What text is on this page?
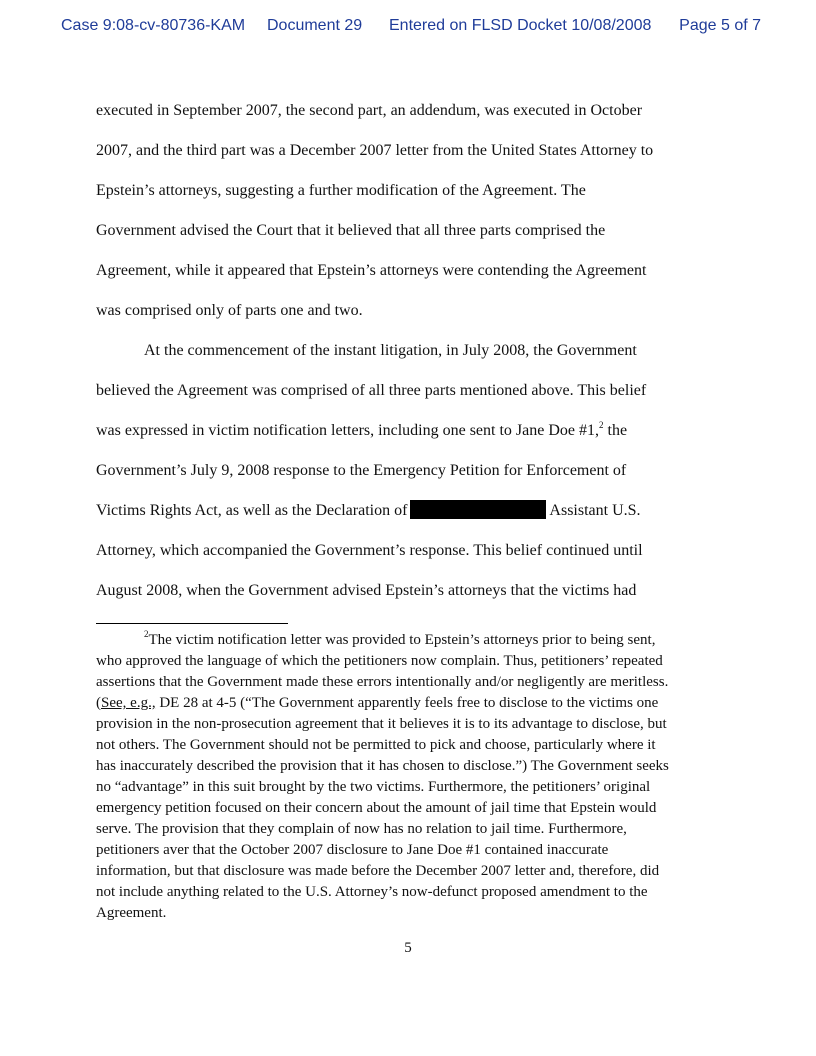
Case 9:08-cv-80736-KAM Document 29 Entered on FLSD Docket 10/08/2008 Page 5 of 7
executed in September 2007, the second part, an addendum, was executed in October
2007, and the third part was a December 2007 letter from the United States Attorney to
Epstein’s attorneys, suggesting a further modification of the Agreement. The
Government advised the Court that it believed that all three parts comprised the
Agreement, while it appeared that Epstein’s attorneys were contending the Agreement
was comprised only of parts one and two.
At the commencement of the instant litigation, in July 2008, the Government
believed the Agreement was comprised of all three parts mentioned above. This belief
was expressed in victim notification letters, including one sent to Jane Doe #1,$^2$ the
Government’s July 9, 2008 response to the Emergency Petition for Enforcement of
Victims Rights Act, as well as the Declaration of	Assistant U.S.
Attorney, which accompanied the Government’s response. This belief continued until
August 2008, when the Government advised Epstein’s attorneys that the victims had
$^2$The victim notification letter was provided to Epstein’s attorneys prior to being sent,
who approved the language of which the petitioners now complain. Thus, petitioners’ repeated
assertions that the Government made these errors intentionally and/or negligently are meritless.
(See, e.g., DE 28 at 4-5 (“The Government apparently feels free to disclose to the victims one
provision in the non-prosecution agreement that it believes it is to its advantage to disclose, but
not others. The Government should not be permitted to pick and choose, particularly where it
has inaccurately described the provision that it has chosen to disclose.”) The Government seeks
no “advantage” in this suit brought by the two victims. Furthermore, the petitioners’ original
emergency petition focused on their concern about the amount of jail time that Epstein would
serve. The provision that they complain of now has no relation to jail time. Furthermore,
petitioners aver that the October 2007 disclosure to Jane Doe #1 contained inaccurate
information, but that disclosure was made before the December 2007 letter and, therefore, did
not include anything related to the U.S. Attorney’s now-defunct proposed amendment to the
Agreement.
5
